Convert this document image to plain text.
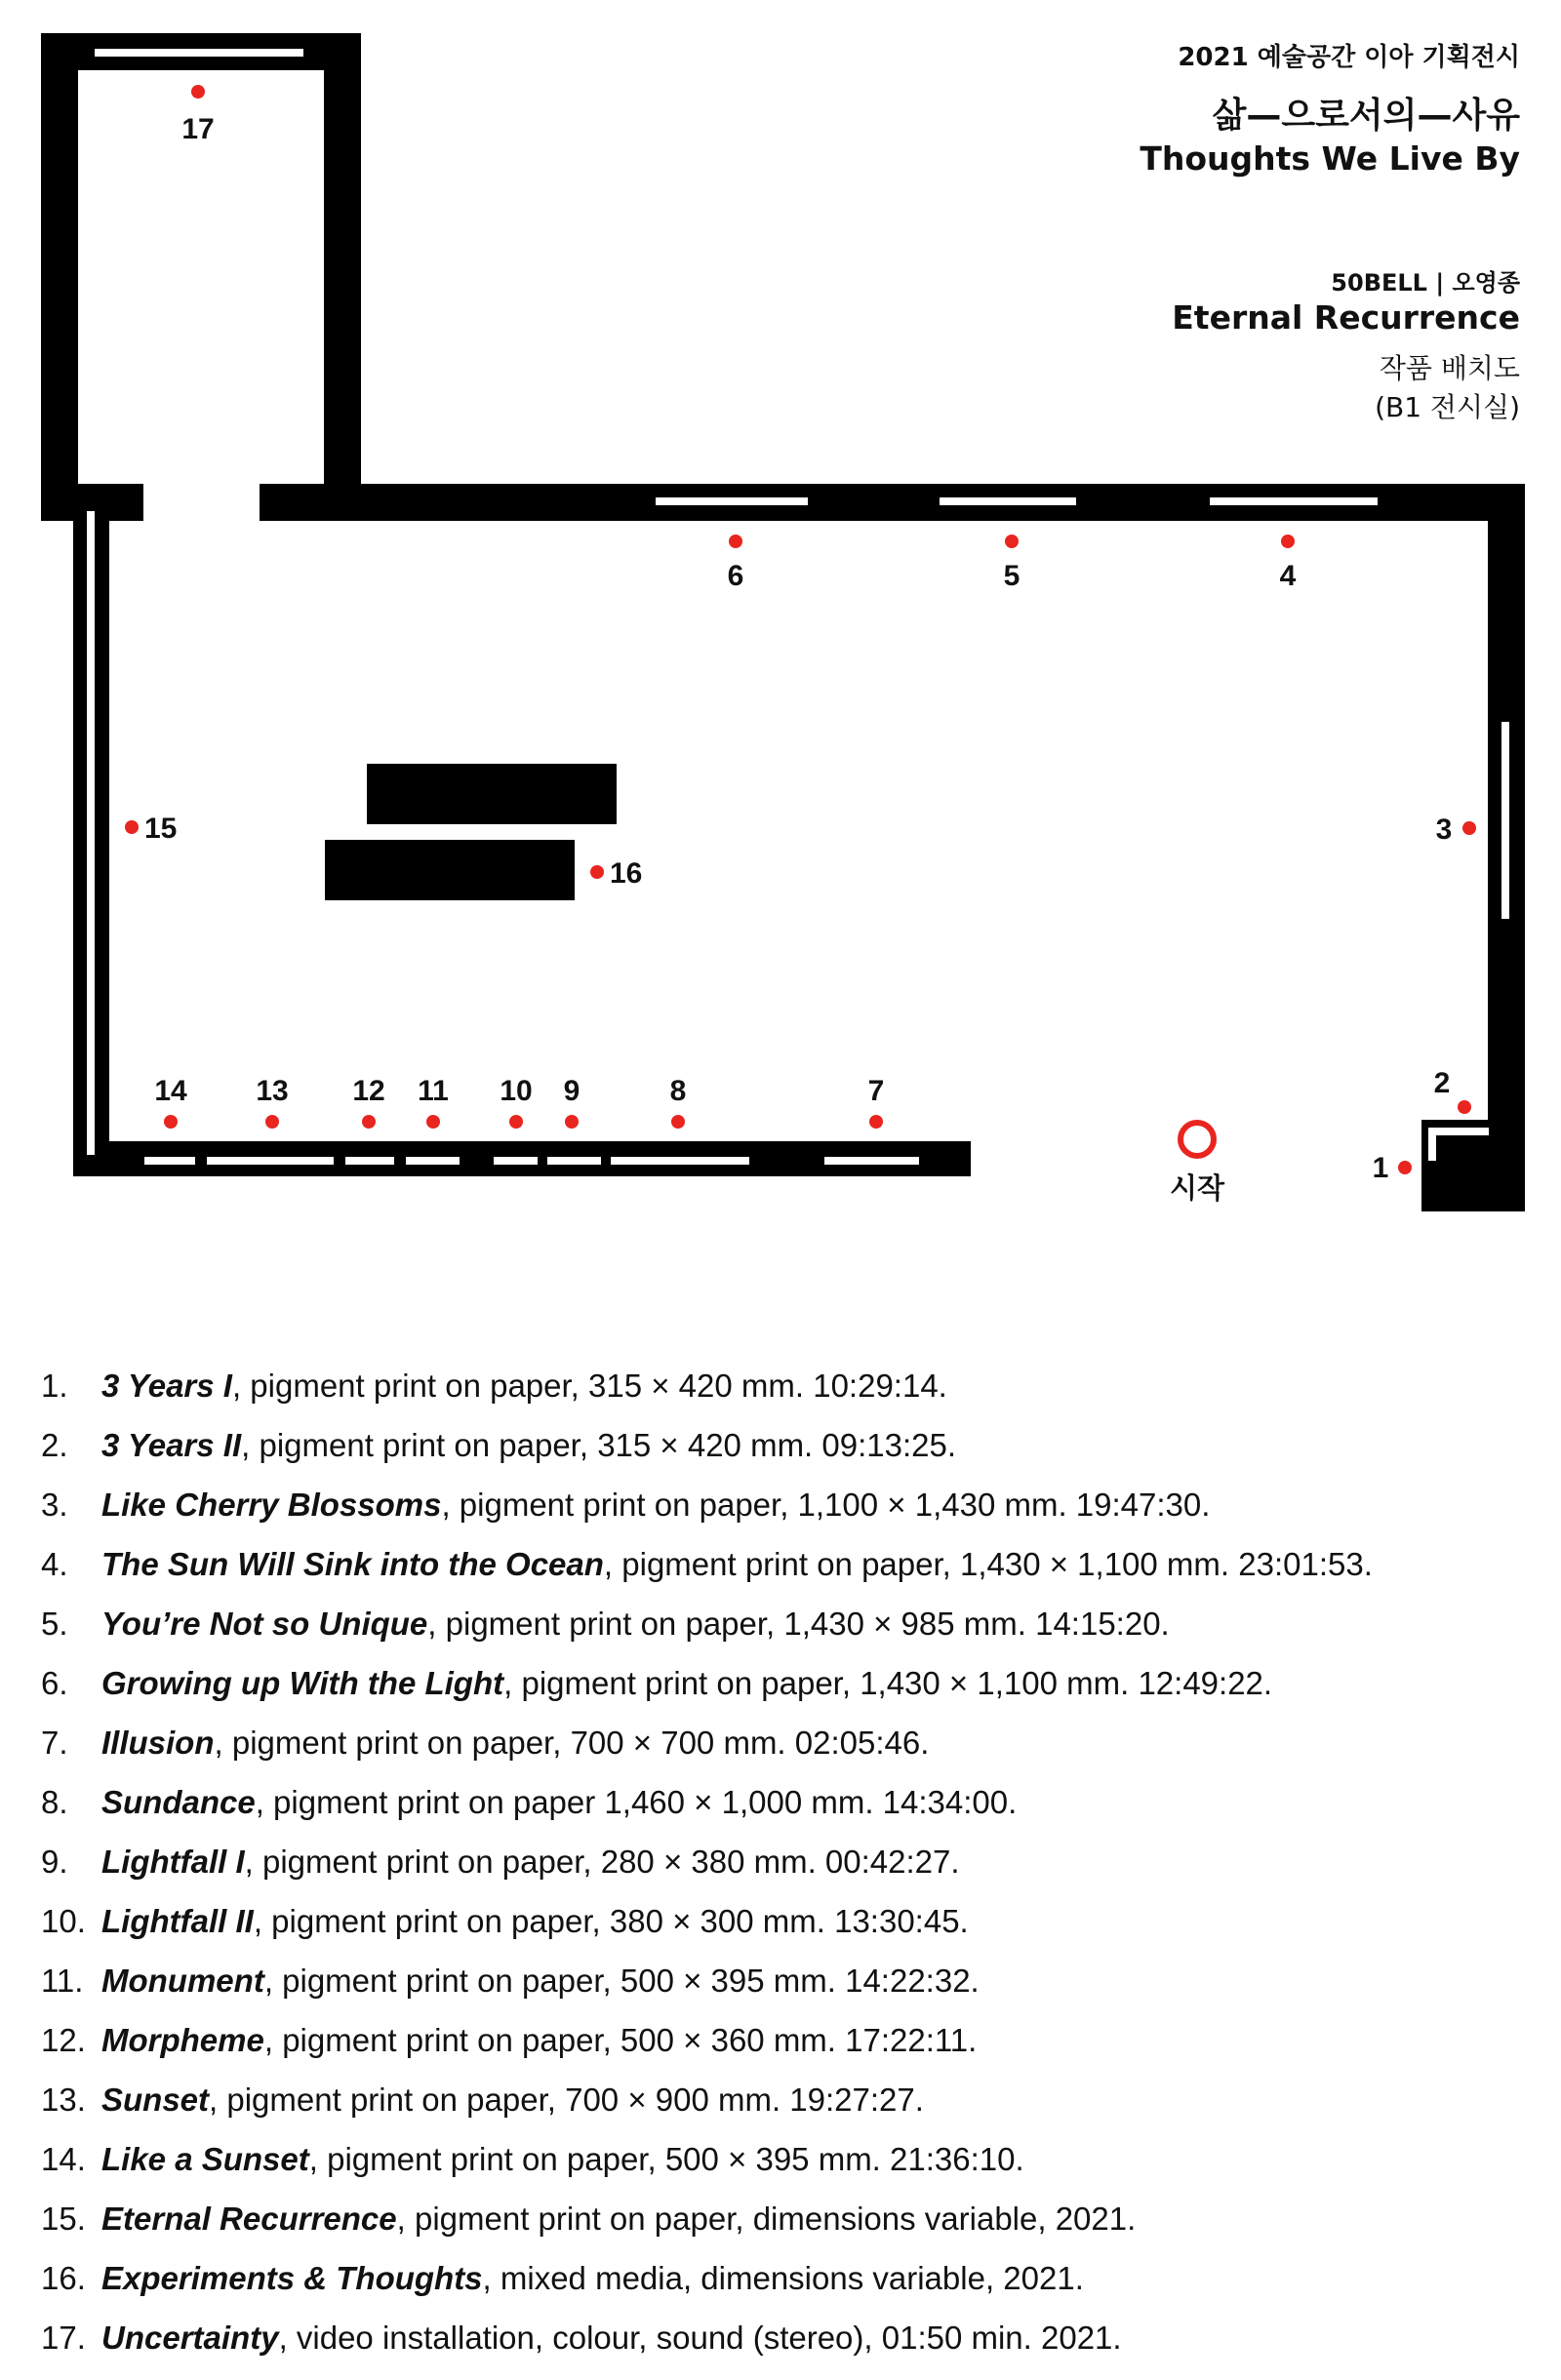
시작
1
2
3
4
5
6
7
8
9
10
11
12
13
14
15
16
17
2021 예술공간 이아 기획전시
삶—으로서의—사유
Thoughts We Live By
50BELL | 오영종
Eternal Recurrence
작품 배치도
(B1 전시실)
1. 3 Years I, pigment print on paper, 315 × 420 mm. 10:29:14.
2. 3 Years II, pigment print on paper, 315 × 420 mm. 09:13:25.
3. Like Cherry Blossoms, pigment print on paper, 1,100 × 1,430 mm. 19:47:30.
4. The Sun Will Sink into the Ocean, pigment print on paper, 1,430 × 1,100 mm. 23:01:53.
5. You’re Not so Unique, pigment print on paper, 1,430 × 985 mm. 14:15:20.
6. Growing up With the Light, pigment print on paper, 1,430 × 1,100 mm. 12:49:22.
7. Illusion, pigment print on paper, 700 × 700 mm. 02:05:46.
8. Sundance, pigment print on paper 1,460 × 1,000 mm. 14:34:00.
9. Lightfall I, pigment print on paper, 280 × 380 mm. 00:42:27.
10. Lightfall II, pigment print on paper, 380 × 300 mm. 13:30:45.
11. Monument, pigment print on paper, 500 × 395 mm. 14:22:32.
12. Morpheme, pigment print on paper, 500 × 360 mm. 17:22:11.
13. Sunset, pigment print on paper, 700 × 900 mm. 19:27:27.
14. Like a Sunset, pigment print on paper, 500 × 395 mm. 21:36:10.
15. Eternal Recurrence, pigment print on paper, dimensions variable, 2021.
16. Experiments & Thoughts, mixed media, dimensions variable, 2021.
17. Uncertainty, video installation, colour, sound (stereo), 01:50 min. 2021.
